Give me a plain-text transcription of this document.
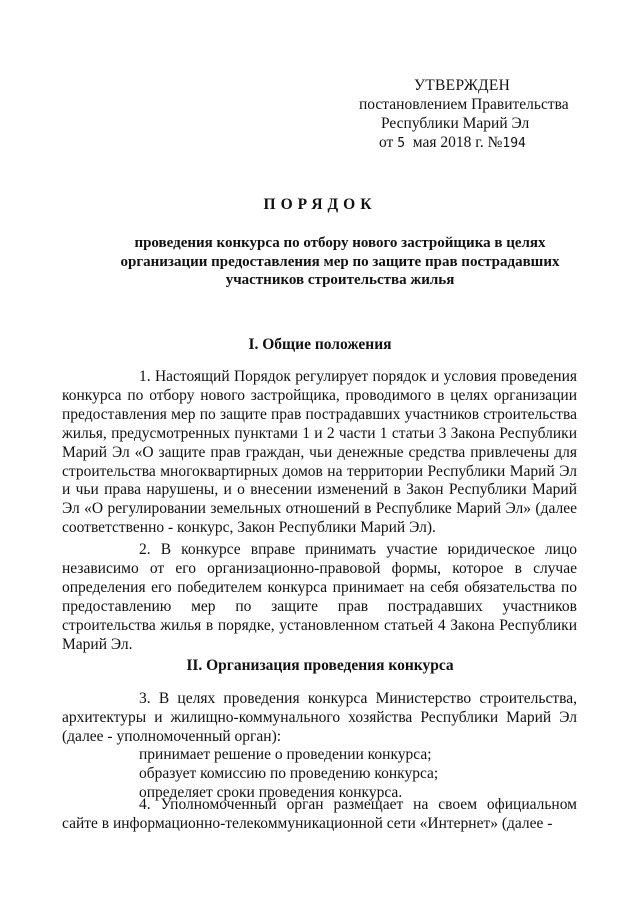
УТВЕРЖДЕН
постановлением Правительства
Республики Марий Эл
от 5 мая 2018 г. №194
ПОРЯДОК
проведения конкурса по отбору нового застройщика в целях организации предоставления мер по защите прав пострадавших участников строительства жилья
I. Общие положения
1. Настоящий Порядок регулирует порядок и условия проведения конкурса по отбору нового застройщика, проводимого в целях организации предоставления мер по защите прав пострадавших участников строительства жилья, предусмотренных пунктами 1 и 2 части 1 статьи 3 Закона Республики Марий Эл «О защите прав граждан, чьи денежные средства привлечены для строительства многоквартирных домов на территории Республики Марий Эл и чьи права нарушены, и о внесении изменений в Закон Республики Марий Эл «О регулировании земельных отношений в Республике Марий Эл» (далее соответственно - конкурс, Закон Республики Марий Эл).
2. В конкурсе вправе принимать участие юридическое лицо независимо от его организационно-правовой формы, которое в случае определения его победителем конкурса принимает на себя обязательства по предоставлению мер по защите прав пострадавших участников строительства жилья в порядке, установленном статьей 4 Закона Республики Марий Эл.
II. Организация проведения конкурса
3. В целях проведения конкурса Министерство строительства, архитектуры и жилищно-коммунального хозяйства Республики Марий Эл (далее - уполномоченный орган):
принимает решение о проведении конкурса;
образует комиссию по проведению конкурса;
определяет сроки проведения конкурса.
4. Уполномоченный орган размещает на своем официальном сайте в информационно-телекоммуникационной сети «Интернет» (далее -
